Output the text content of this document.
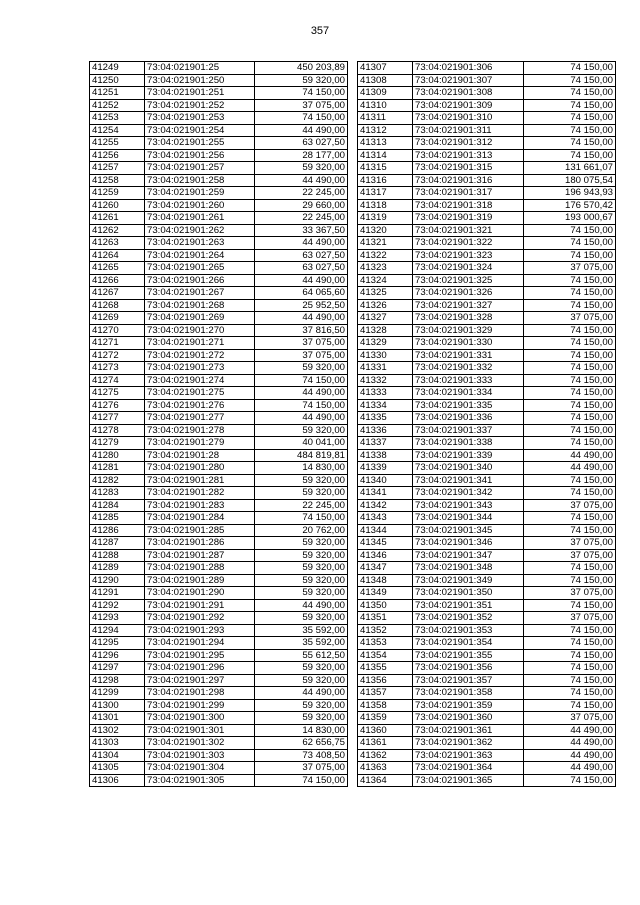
357
41249	73:04:021901:25	450 203,89
41250	73:04:021901:250	59 320,00
41251	73:04:021901:251	74 150,00
41252	73:04:021901:252	37 075,00
41253	73:04:021901:253	74 150,00
41254	73:04:021901:254	44 490,00
41255	73:04:021901:255	63 027,50
41256	73:04:021901:256	28 177,00
41257	73:04:021901:257	59 320,00
41258	73:04:021901:258	44 490,00
41259	73:04:021901:259	22 245,00
41260	73:04:021901:260	29 660,00
41261	73:04:021901:261	22 245,00
41262	73:04:021901:262	33 367,50
41263	73:04:021901:263	44 490,00
41264	73:04:021901:264	63 027,50
41265	73:04:021901:265	63 027,50
41266	73:04:021901:266	44 490,00
41267	73:04:021901:267	64 065,60
41268	73:04:021901:268	25 952,50
41269	73:04:021901:269	44 490,00
41270	73:04:021901:270	37 816,50
41271	73:04:021901:271	37 075,00
41272	73:04:021901:272	37 075,00
41273	73:04:021901:273	59 320,00
41274	73:04:021901:274	74 150,00
41275	73:04:021901:275	44 490,00
41276	73:04:021901:276	74 150,00
41277	73:04:021901:277	44 490,00
41278	73:04:021901:278	59 320,00
41279	73:04:021901:279	40 041,00
41280	73:04:021901:28	484 819,81
41281	73:04:021901:280	14 830,00
41282	73:04:021901:281	59 320,00
41283	73:04:021901:282	59 320,00
41284	73:04:021901:283	22 245,00
41285	73:04:021901:284	74 150,00
41286	73:04:021901:285	20 762,00
41287	73:04:021901:286	59 320,00
41288	73:04:021901:287	59 320,00
41289	73:04:021901:288	59 320,00
41290	73:04:021901:289	59 320,00
41291	73:04:021901:290	59 320,00
41292	73:04:021901:291	44 490,00
41293	73:04:021901:292	59 320,00
41294	73:04:021901:293	35 592,00
41295	73:04:021901:294	35 592,00
41296	73:04:021901:295	55 612,50
41297	73:04:021901:296	59 320,00
41298	73:04:021901:297	59 320,00
41299	73:04:021901:298	44 490,00
41300	73:04:021901:299	59 320,00
41301	73:04:021901:300	59 320,00
41302	73:04:021901:301	14 830,00
41303	73:04:021901:302	62 656,75
41304	73:04:021901:303	73 408,50
41305	73:04:021901:304	37 075,00
41306	73:04:021901:305	74 150,00
41307	73:04:021901:306	74 150,00
41308	73:04:021901:307	74 150,00
41309	73:04:021901:308	74 150,00
41310	73:04:021901:309	74 150,00
41311	73:04:021901:310	74 150,00
41312	73:04:021901:311	74 150,00
41313	73:04:021901:312	74 150,00
41314	73:04:021901:313	74 150,00
41315	73:04:021901:315	131 661,07
41316	73:04:021901:316	180 075,54
41317	73:04:021901:317	196 943,93
41318	73:04:021901:318	176 570,42
41319	73:04:021901:319	193 000,67
41320	73:04:021901:321	74 150,00
41321	73:04:021901:322	74 150,00
41322	73:04:021901:323	74 150,00
41323	73:04:021901:324	37 075,00
41324	73:04:021901:325	74 150,00
41325	73:04:021901:326	74 150,00
41326	73:04:021901:327	74 150,00
41327	73:04:021901:328	37 075,00
41328	73:04:021901:329	74 150,00
41329	73:04:021901:330	74 150,00
41330	73:04:021901:331	74 150,00
41331	73:04:021901:332	74 150,00
41332	73:04:021901:333	74 150,00
41333	73:04:021901:334	74 150,00
41334	73:04:021901:335	74 150,00
41335	73:04:021901:336	74 150,00
41336	73:04:021901:337	74 150,00
41337	73:04:021901:338	74 150,00
41338	73:04:021901:339	44 490,00
41339	73:04:021901:340	44 490,00
41340	73:04:021901:341	74 150,00
41341	73:04:021901:342	74 150,00
41342	73:04:021901:343	37 075,00
41343	73:04:021901:344	74 150,00
41344	73:04:021901:345	74 150,00
41345	73:04:021901:346	37 075,00
41346	73:04:021901:347	37 075,00
41347	73:04:021901:348	74 150,00
41348	73:04:021901:349	74 150,00
41349	73:04:021901:350	37 075,00
41350	73:04:021901:351	74 150,00
41351	73:04:021901:352	37 075,00
41352	73:04:021901:353	74 150,00
41353	73:04:021901:354	74 150,00
41354	73:04:021901:355	74 150,00
41355	73:04:021901:356	74 150,00
41356	73:04:021901:357	74 150,00
41357	73:04:021901:358	74 150,00
41358	73:04:021901:359	74 150,00
41359	73:04:021901:360	37 075,00
41360	73:04:021901:361	44 490,00
41361	73:04:021901:362	44 490,00
41362	73:04:021901:363	44 490,00
41363	73:04:021901:364	44 490,00
41364	73:04:021901:365	74 150,00
